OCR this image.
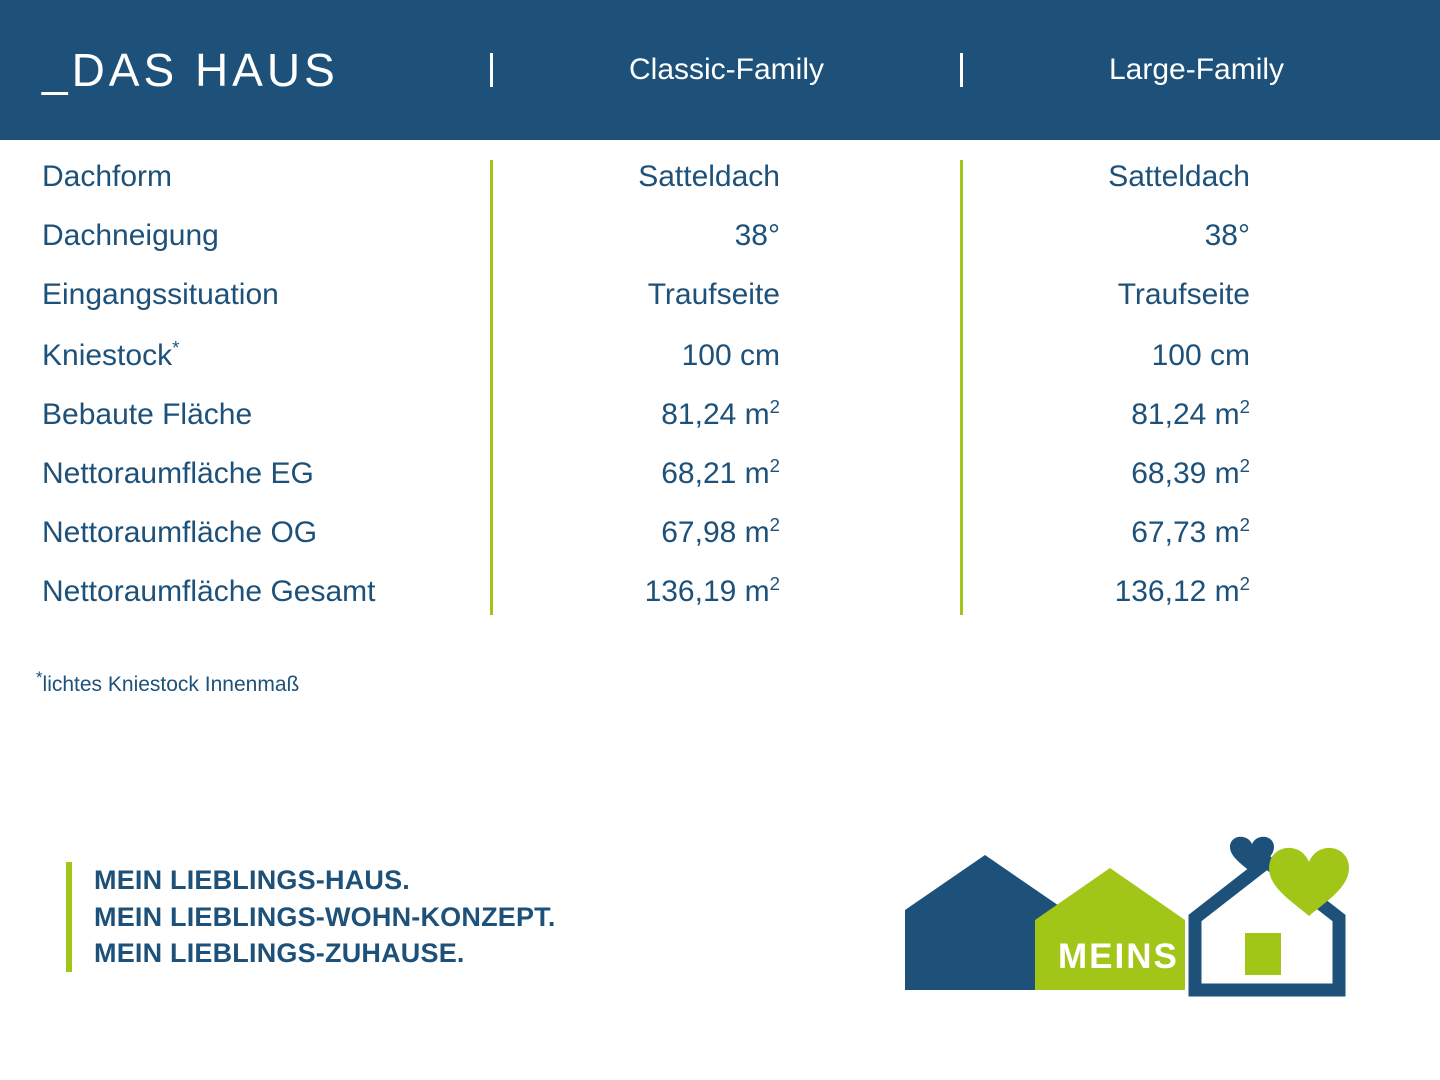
_DAS HAUS	Classic-Family	Large-Family
Dachform	Satteldach	Satteldach
Dachneigung	38°	38°
Eingangssituation	Traufseite	Traufseite
Kniestock*	100 cm	100 cm
Bebaute Fläche	81,24 $m^2$	81,24 $m^2$
Nettoraumfläche EG	68,21 $m^2$	68,39 $m^2$
Nettoraumfläche OG	67,98 $m^2$	67,73 $m^2$
Nettoraumfläche Gesamt	136,19 $m^2$	136,12 $m^2$
*lichtes Kniestock Innenmaß
MEIN LIEBLINGS-HAUS.
MEIN LIEBLINGS-WOHN-KONZEPT.
MEIN LIEBLINGS-ZUHAUSE.	MEINS
